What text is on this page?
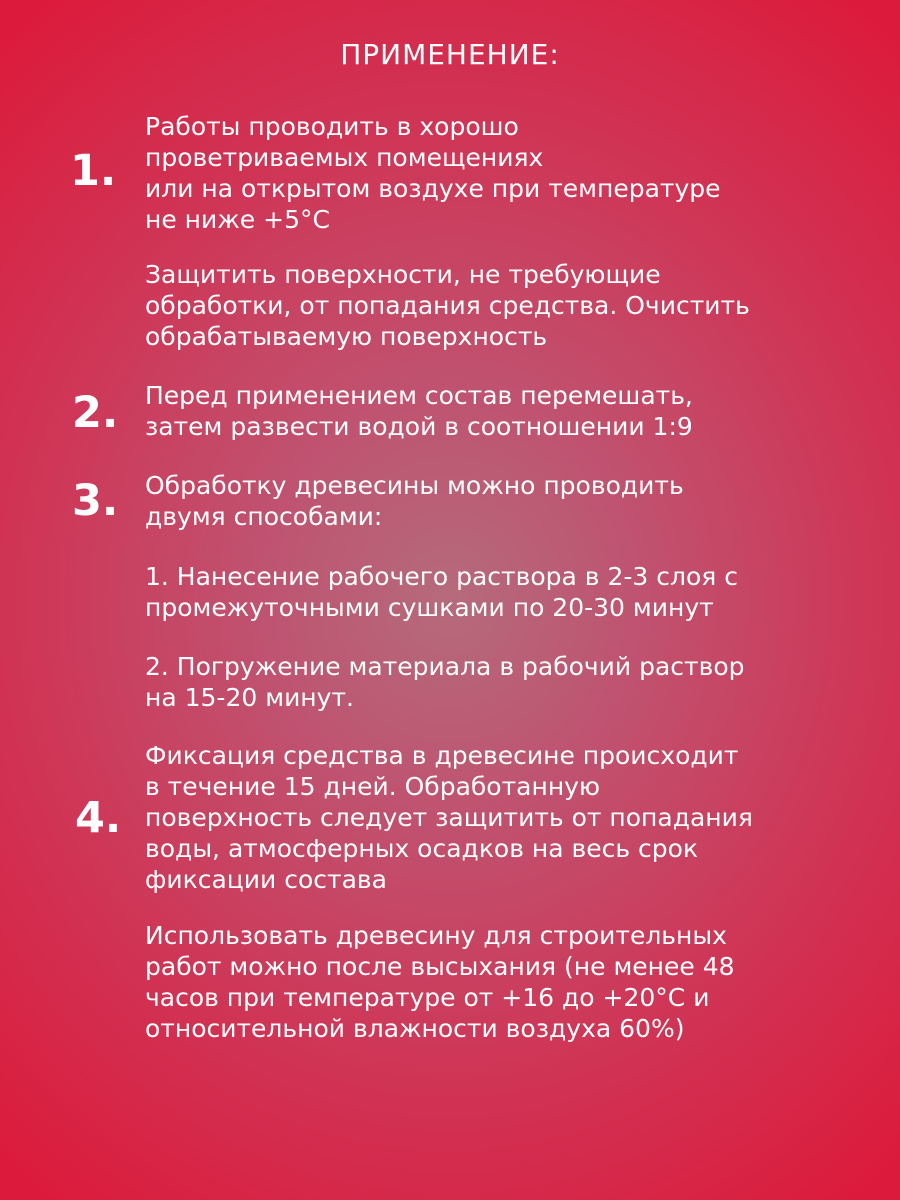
ПРИМЕНЕНИЕ:
1.
2.
3.
4.
Работы проводить в хорошо
проветриваемых помещениях
или на открытом воздухе при температуре
не ниже +5°С
Защитить поверхности, не требующие
обработки, от попадания средства. Очистить
обрабатываемую поверхность
Перед применением состав перемешать,
затем развести водой в соотношении 1:9
Обработку древесины можно проводить
двумя способами:
1. Нанесение рабочего раствора в 2-3 слоя с
промежуточными сушками по 20-30 минут
2. Погружение материала в рабочий раствор
на 15-20 минут.
Фиксация средства в древесине происходит
в течение 15 дней. Обработанную
поверхность следует защитить от попадания
воды, атмосферных осадков на весь срок
фиксации состава
Использовать древесину для строительных
работ можно после высыхания (не менее 48
часов при температуре от +16 до +20°С и
относительной влажности воздуха 60%)
